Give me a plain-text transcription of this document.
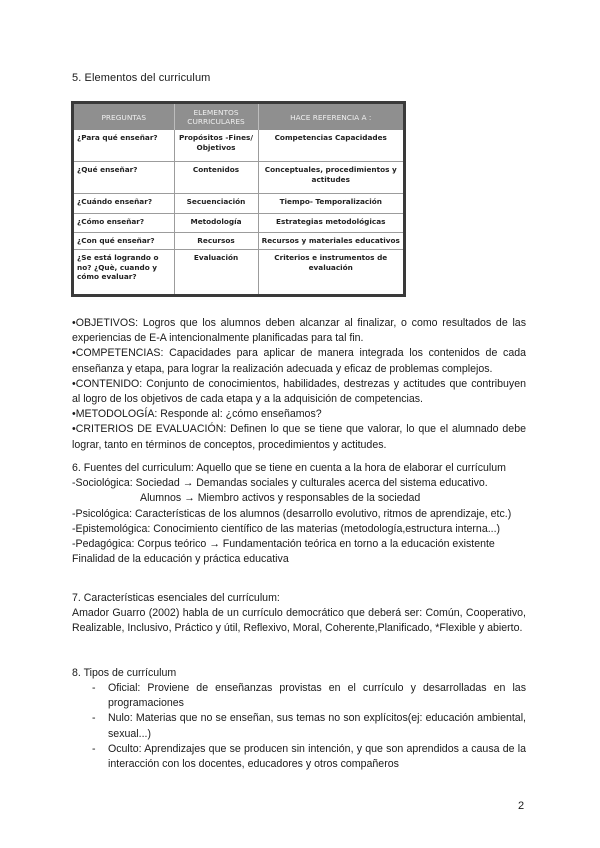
5. Elementos del curriculum
PREGUNTAS	ELEMENTOS CURRICULARES	HACE REFERENCIA A :
¿Para qué enseñar?	Propósitos -Fines/ Objetivos	Competencias Capacidades
¿Qué enseñar?	Contenidos	Conceptuales, procedimientos y actitudes
¿Cuándo enseñar?	Secuenciación	Tiempo- Temporalización
¿Cómo enseñar?	Metodología	Estrategias metodológicas
¿Con qué enseñar?	Recursos	Recursos y materiales educativos
¿Se está logrando o no? ¿Què, cuando y cómo evaluar?	Evaluación	Criterios e instrumentos de evaluación
•OBJETIVOS: Logros que los alumnos deben alcanzar al finalizar, o como resultados de las experiencias de E-A intencionalmente planificadas para tal fin.
•COMPETENCIAS: Capacidades para aplicar de manera integrada los contenidos de cada enseñanza y etapa, para lograr la realización adecuada y eficaz de problemas complejos.
•CONTENIDO: Conjunto de conocimientos, habilidades, destrezas y actitudes que contribuyen al logro de los objetivos de cada etapa y a la adquisición de competencias.
•METODOLOGÍA: Responde al: ¿cómo enseñamos?
•CRITERIOS DE EVALUACIÓN: Definen lo que se tiene que valorar, lo que el alumnado debe lograr, tanto en términos de conceptos, procedimientos y actitudes.
6. Fuentes del curriculum: Aquello que se tiene en cuenta a la hora de elaborar el currículum
-Sociológica: Sociedad → Demandas sociales y culturales acerca del sistema educativo.
Alumnos → Miembro activos y responsables de la sociedad
-Psicológica: Características de los alumnos (desarrollo evolutivo, ritmos de aprendizaje, etc.)
-Epistemológica: Conocimiento científico de las materias (metodología,estructura interna...)
-Pedagógica: Corpus teórico → Fundamentación teórica en torno a la educación existente
Finalidad de la educación y práctica educativa
7. Características esenciales del currículum:
Amador Guarro (2002) habla de un currículo democrático que deberá ser: Común, Cooperativo, Realizable, Inclusivo, Práctico y útil, Reflexivo, Moral, Coherente,Planificado, *Flexible y abierto.
8. Tipos de currículum
- Oficial: Proviene de enseñanzas provistas en el currículo y desarrolladas en las programaciones
- Nulo: Materias que no se enseñan, sus temas no son explícitos(ej: educación ambiental, sexual...)
- Oculto: Aprendizajes que se producen sin intención, y que son aprendidos a causa de la interacción con los docentes, educadores y otros compañeros
2
